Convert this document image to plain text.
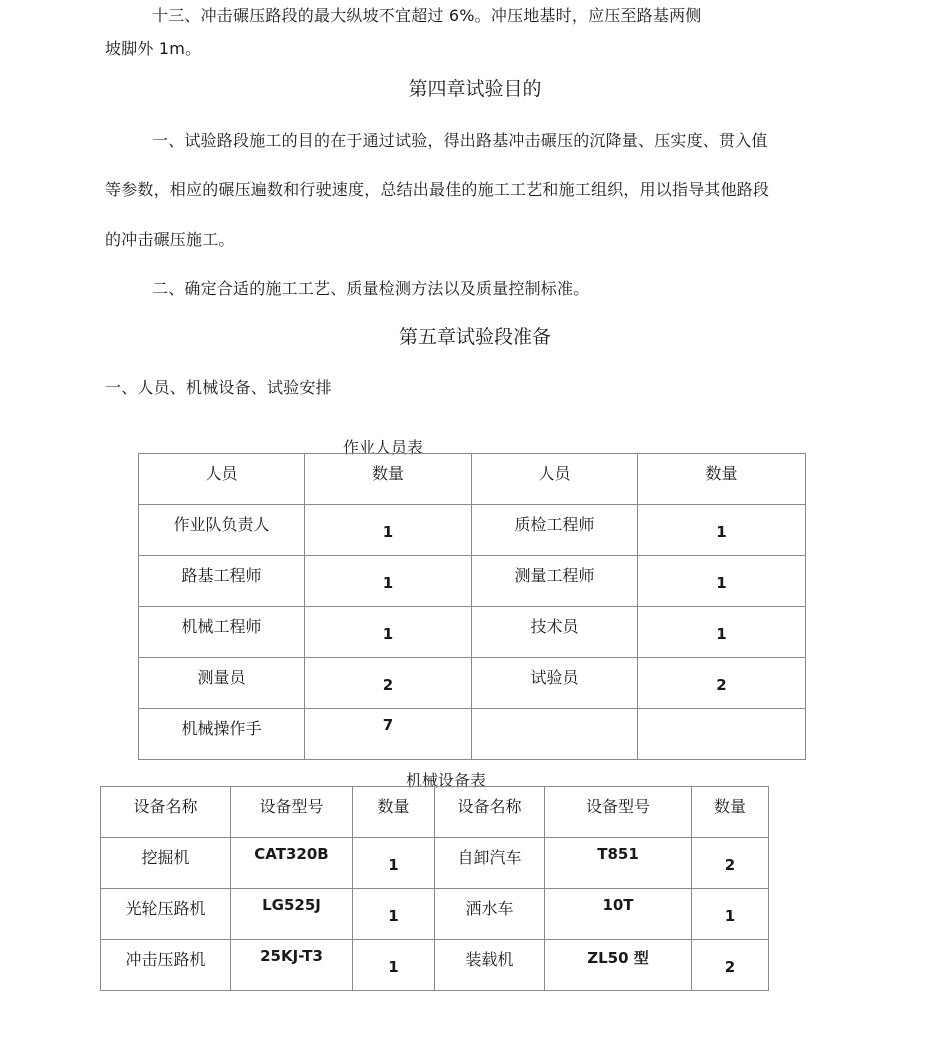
十三、冲击碾压路段的最大纵坡不宜超过 6%。冲压地基时，应压至路基两侧
坡脚外 1m。
第四章试验目的
一、试验路段施工的目的在于通过试验，得出路基冲击碾压的沉降量、压实度、贯入值
等参数，相应的碾压遍数和行驶速度，总结出最佳的施工工艺和施工组织，用以指导其他路段
的冲击碾压施工。
二、确定合适的施工工艺、质量检测方法以及质量控制标准。
第五章试验段准备
一、人员、机械设备、试验安排
作业人员表
人员	数量	人员	数量

作业队负责人	1	质检工程师	1

路基工程师	1	测量工程师	1

机械工程师	1	技术员	1

测量员	2	试验员	2

机械操作手	7		

机械设备表
设备名称	设备型号	数量	设备名称	设备型号	数量

挖掘机	CAT320B	1	自卸汽车	T851	2

光轮压路机	LG525J	1	洒水车	10T	1

冲击压路机	25KJ-T3	1	装载机	ZL50 型	2
